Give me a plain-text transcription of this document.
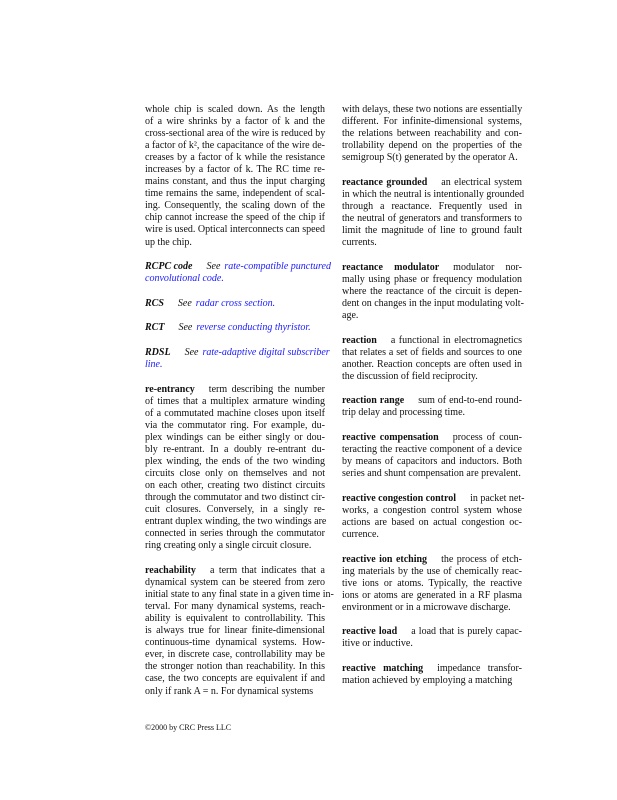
whole chip is scaled down. As the length
of a wire shrinks by a factor of k and the
cross-sectional area of the wire is reduced by
a factor of k², the capacitance of the wire de-
creases by a factor of k while the resistance
increases by a factor of k. The RC time re-
mains constant, and thus the input charging
time remains the same, independent of scal-
ing. Consequently, the scaling down of the
chip cannot increase the speed of the chip if
wire is used. Optical interconnects can speed
up the chip.
RCPC code See rate-compatible punctured
convolutional code.
RCS See radar cross section.
RCT See reverse conducting thyristor.
RDSL See rate-adaptive digital subscriber
line.
re-entrancy term describing the number
of times that a multiplex armature winding
of a commutated machine closes upon itself
via the commutator ring. For example, du-
plex windings can be either singly or dou-
bly re-entrant. In a doubly re-entrant du-
plex winding, the ends of the two winding
circuits close only on themselves and not
on each other, creating two distinct circuits
through the commutator and two distinct cir-
cuit closures. Conversely, in a singly re-
entrant duplex winding, the two windings are
connected in series through the commutator
ring creating only a single circuit closure.
reachability a term that indicates that a
dynamical system can be steered from zero
initial state to any final state in a given time in-
terval. For many dynamical systems, reach-
ability is equivalent to controllability. This
is always true for linear finite-dimensional
continuous-time dynamical systems. How-
ever, in discrete case, controllability may be
the stronger notion than reachability. In this
case, the two concepts are equivalent if and
only if rank A = n. For dynamical systems
with delays, these two notions are essentially
different. For infinite-dimensional systems,
the relations between reachability and con-
trollability depend on the properties of the
semigroup S(t) generated by the operator A.
reactance grounded an electrical system
in which the neutral is intentionally grounded
through a reactance. Frequently used in
the neutral of generators and transformers to
limit the magnitude of line to ground fault
currents.
reactance modulator modulator nor-
mally using phase or frequency modulation
where the reactance of the circuit is depen-
dent on changes in the input modulating volt-
age.
reaction a functional in electromagnetics
that relates a set of fields and sources to one
another. Reaction concepts are often used in
the discussion of field reciprocity.
reaction range sum of end-to-end round-
trip delay and processing time.
reactive compensation process of coun-
teracting the reactive component of a device
by means of capacitors and inductors. Both
series and shunt compensation are prevalent.
reactive congestion control in packet net-
works, a congestion control system whose
actions are based on actual congestion oc-
currence.
reactive ion etching the process of etch-
ing materials by the use of chemically reac-
tive ions or atoms. Typically, the reactive
ions or atoms are generated in a RF plasma
environment or in a microwave discharge.
reactive load a load that is purely capac-
itive or inductive.
reactive matching impedance transfor-
mation achieved by employing a matching
©2000 by CRC Press LLC
